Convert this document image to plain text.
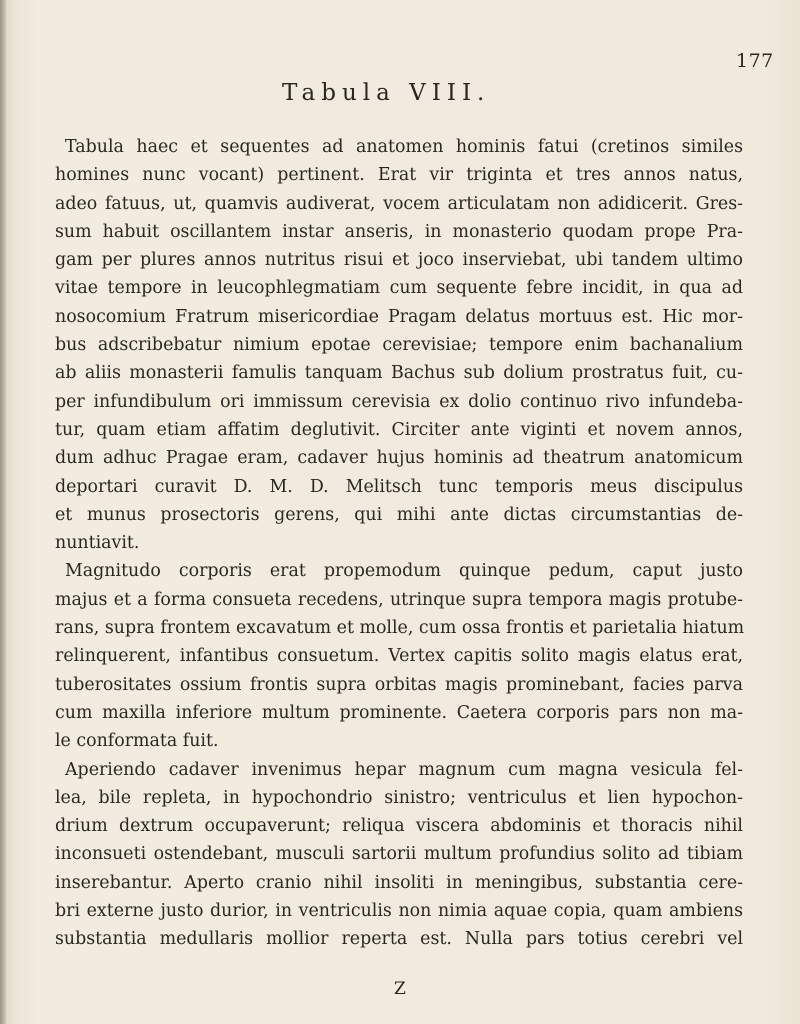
177
Tabula VIII.
Tabula haec et sequentes ad anatomen hominis fatui (cretinos similes
homines nunc vocant) pertinent. Erat vir triginta et tres annos natus,
adeo fatuus, ut, quamvis audiverat, vocem articulatam non adidicerit. Gres-
sum habuit oscillantem instar anseris, in monasterio quodam prope Pra-
gam per plures annos nutritus risui et joco inserviebat, ubi tandem ultimo
vitae tempore in leucophlegmatiam cum sequente febre incidit, in qua ad
nosocomium Fratrum misericordiae Pragam delatus mortuus est. Hic mor-
bus adscribebatur nimium epotae cerevisiae; tempore enim bachanalium
ab aliis monasterii famulis tanquam Bachus sub dolium prostratus fuit, cu-
per infundibulum ori immissum cerevisia ex dolio continuo rivo infundeba-
tur, quam etiam affatim deglutivit. Circiter ante viginti et novem annos,
dum adhuc Pragae eram, cadaver hujus hominis ad theatrum anatomicum
deportari curavit D. M. D. Melitsch tunc temporis meus discipulus
et munus prosectoris gerens, qui mihi ante dictas circumstantias de-
nuntiavit.
Magnitudo corporis erat propemodum quinque pedum, caput justo
majus et a forma consueta recedens, utrinque supra tempora magis protube-
rans, supra frontem excavatum et molle, cum ossa frontis et parietalia hiatum
relinquerent, infantibus consuetum. Vertex capitis solito magis elatus erat,
tuberositates ossium frontis supra orbitas magis prominebant, facies parva
cum maxilla inferiore multum prominente. Caetera corporis pars non ma-
le conformata fuit.
Aperiendo cadaver invenimus hepar magnum cum magna vesicula fel-
lea, bile repleta, in hypochondrio sinistro; ventriculus et lien hypochon-
drium dextrum occupaverunt; reliqua viscera abdominis et thoracis nihil
inconsueti ostendebant, musculi sartorii multum profundius solito ad tibiam
inserebantur. Aperto cranio nihil insoliti in meningibus, substantia cere-
bri externe justo durior, in ventriculis non nimia aquae copia, quam ambiens
substantia medullaris mollior reperta est. Nulla pars totius cerebri vel
Z
